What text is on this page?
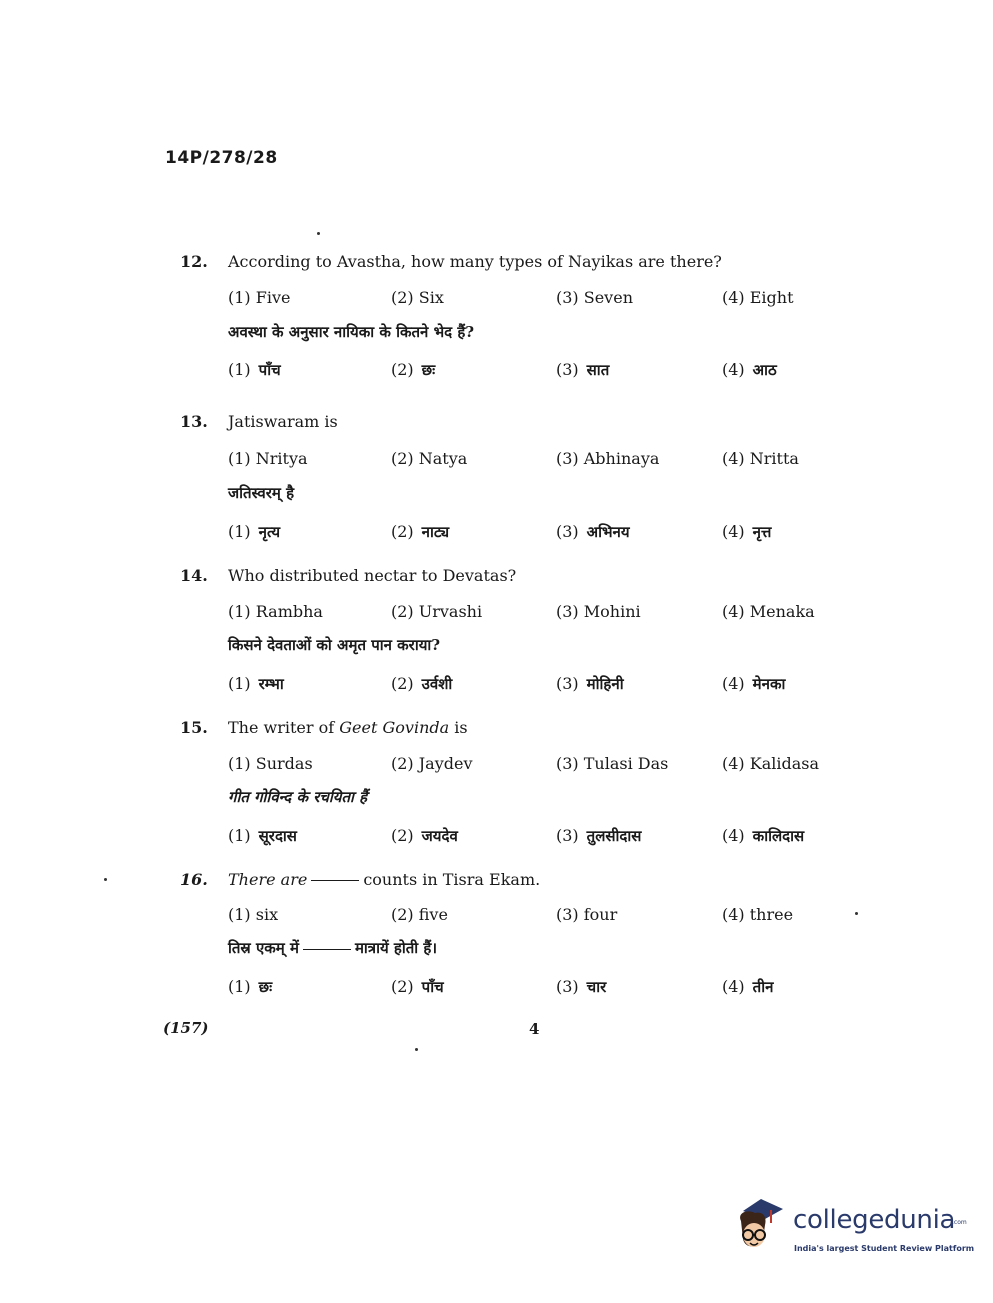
14P/278/28
12. According to Avastha, how many types of Nayikas are there?
(1) Five	(2) Six	(3) Seven	(4) Eight
अवस्था के अनुसार नायिका के कितने भेद हैं?
(1) पाँच	(2) छः	(3) सात	(4) आठ
13. Jatiswaram is
(1) Nritya	(2) Natya	(3) Abhinaya	(4) Nritta
जतिस्वरम् है
(1) नृत्य	(2) नाट्य	(3) अभिनय	(4) नृत्त
14. Who distributed nectar to Devatas?
(1) Rambha	(2) Urvashi	(3) Mohini	(4) Menaka
किसने देवताओं को अमृत पान कराया?
(1) रम्भा	(2) उर्वशी	(3) मोहिनी	(4) मेनका
15. The writer of Geet Govinda is
(1) Surdas	(2) Jaydev	(3) Tulasi Das	(4) Kalidasa
गीत गोविन्द के रचयिता हैं
(1) सूरदास	(2) जयदेव	(3) तुलसीदास	(4) कालिदास
16. There are	counts in Tisra Ekam.
(1) six	(2) five	(3) four	(4) three
तिस्र एकम् में	मात्रायें होती हैं।
(1) छः	(2) पाँच	(3) चार	(4) तीन
(157)	4
collegedunia
.com
India's largest Student Review Platform
